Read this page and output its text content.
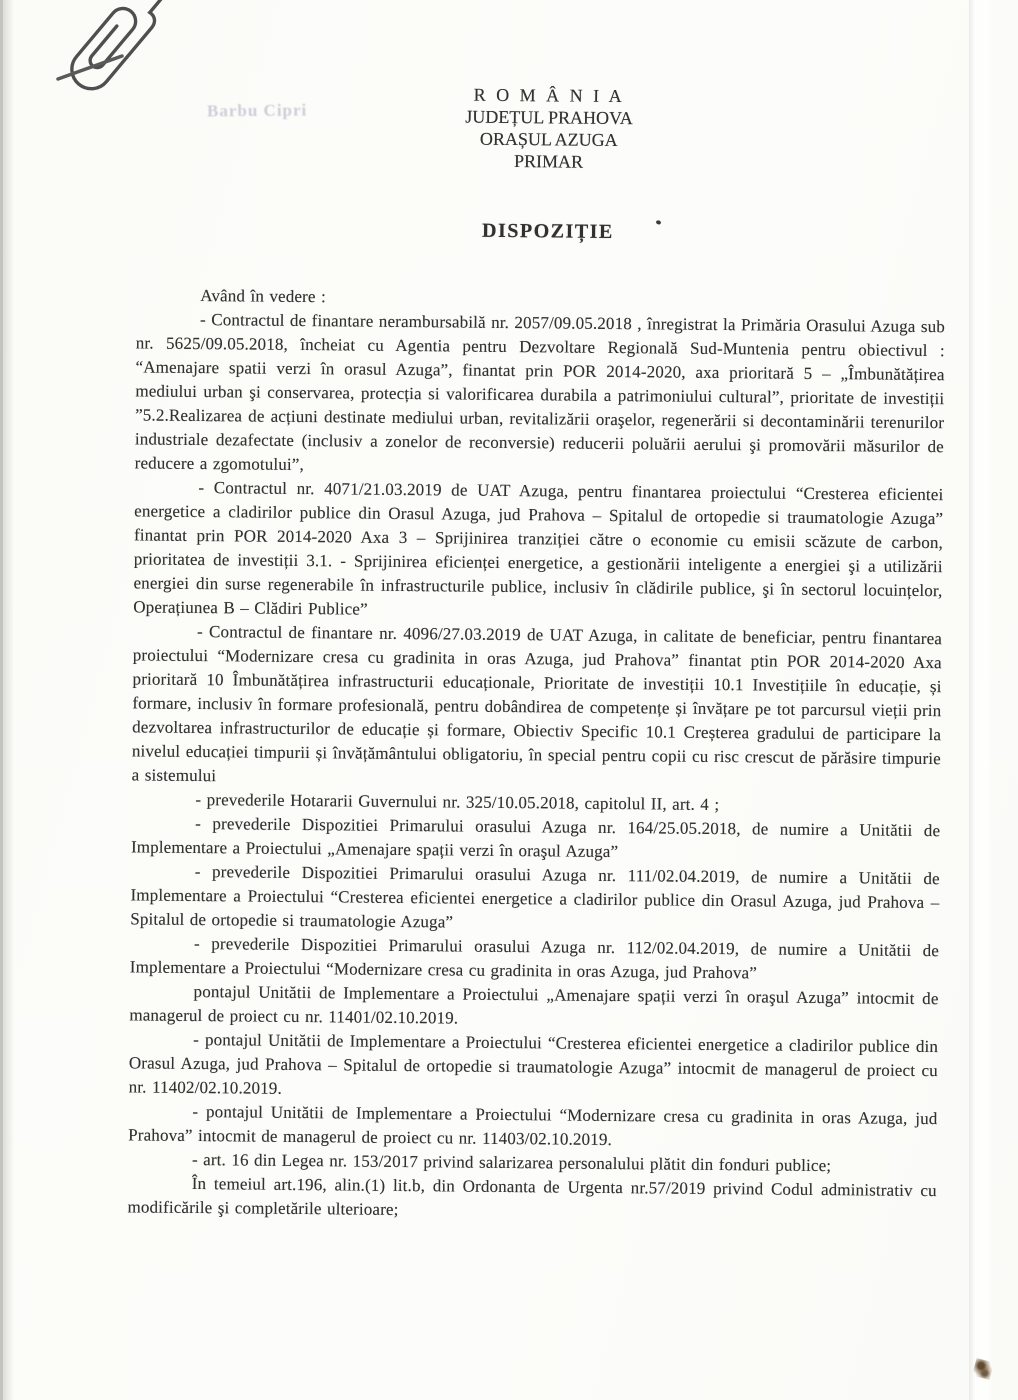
Barbu Cipri
R O M Â N I A
JUDEȚUL PRAHOVA
ORAȘUL AZUGA
PRIMAR
DISPOZIȚIE

Având în vedere :

- Contractul de finantare nerambursabilă nr. 2057/09.05.2018 , înregistrat la Primăria Orasului Azuga sub nr. 5625/09.05.2018, încheiat cu Agentia pentru Dezvoltare Regională Sud-Muntenia pentru obiectivul : “Amenajare spatii verzi în orasul Azuga”, finantat prin POR 2014-2020, axa prioritară 5 – „Îmbunătățirea mediului urban şi conservarea, protecția si valorificarea durabila a patrimoniului cultural”, prioritate de investiții ”5.2.Realizarea de acțiuni destinate mediului urban, revitalizării oraşelor, regenerării si decontaminării terenurilor industriale dezafectate (inclusiv a zonelor de reconversie) reducerii poluării aerului şi promovării măsurilor de reducere a zgomotului”,

- Contractul nr. 4071/21.03.2019 de UAT Azuga, pentru finantarea proiectului “Cresterea eficientei energetice a cladirilor publice din Orasul Azuga, jud Prahova – Spitalul de ortopedie si traumatologie Azuga” finantat prin POR 2014-2020 Axa 3 – Sprijinirea tranziției către o economie cu emisii scăzute de carbon, prioritatea de investiții 3.1. - Sprijinirea eficienței energetice, a gestionării inteligente a energiei şi a utilizării energiei din surse regenerabile în infrastructurile publice, inclusiv în clădirile publice, şi în sectorul locuințelor, Operațiunea B – Clădiri Publice”

- Contractul de finantare nr. 4096/27.03.2019 de UAT Azuga, in calitate de beneficiar, pentru finantarea proiectului “Modernizare cresa cu gradinita in oras Azuga, jud Prahova” finantat ptin POR 2014-2020 Axa prioritară 10 Îmbunătățirea infrastructurii educaționale, Prioritate de investiții 10.1 Investițiile în educație, și formare, inclusiv în formare profesională, pentru dobândirea de competențe și învățare pe tot parcursul vieții prin dezvoltarea infrastructurilor de educație și formare, Obiectiv Specific 10.1 Creșterea gradului de participare la nivelul educației timpurii și învățământului obligatoriu, în special pentru copii cu risc crescut de părăsire timpurie a sistemului

- prevederile Hotararii Guvernului nr. 325/10.05.2018, capitolul II, art. 4 ;

- prevederile Dispozitiei Primarului orasului Azuga nr. 164/25.05.2018, de numire a Unitătii de Implementare a Proiectului „Amenajare spații verzi în oraşul Azuga”

- prevederile Dispozitiei Primarului orasului Azuga nr. 111/02.04.2019, de numire a Unitătii de Implementare a Proiectului “Cresterea eficientei energetice a cladirilor publice din Orasul Azuga, jud Prahova – Spitalul de ortopedie si traumatologie Azuga”

- prevederile Dispozitiei Primarului orasului Azuga nr. 112/02.04.2019, de numire a Unitătii de Implementare a Proiectului “Modernizare cresa cu gradinita in oras Azuga, jud Prahova”

pontajul Unitătii de Implementare a Proiectului „Amenajare spații verzi în oraşul Azuga” intocmit de managerul de proiect cu nr. 11401/02.10.2019.

- pontajul Unitătii de Implementare a Proiectului “Cresterea eficientei energetice a cladirilor publice din Orasul Azuga, jud Prahova – Spitalul de ortopedie si traumatologie Azuga” intocmit de managerul de proiect cu nr. 11402/02.10.2019.

- pontajul Unitătii de Implementare a Proiectului “Modernizare cresa cu gradinita in oras Azuga, jud Prahova” intocmit de managerul de proiect cu nr. 11403/02.10.2019.

- art. 16 din Legea nr. 153/2017 privind salarizarea personalului plătit din fonduri publice;

În temeiul art.196, alin.(1) lit.b, din Ordonanta de Urgenta nr.57/2019 privind Codul administrativ cu modificările şi completările ulterioare;
